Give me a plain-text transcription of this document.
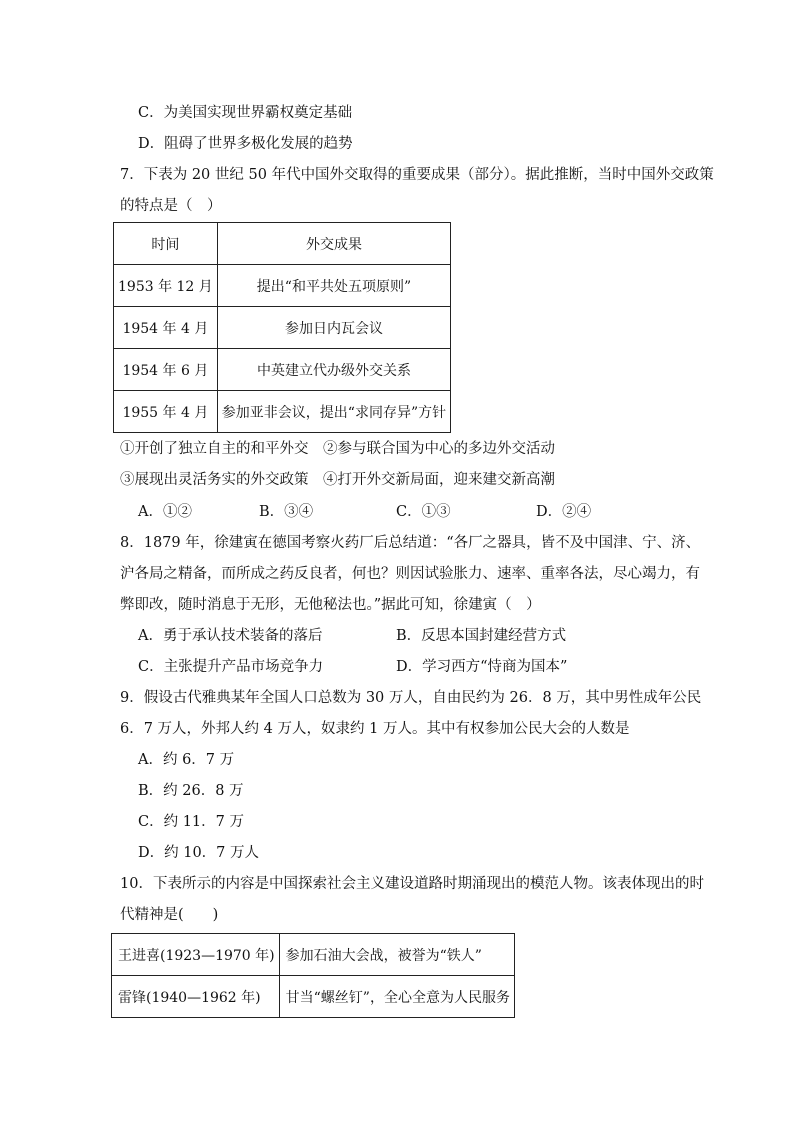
C．为美国实现世界霸权奠定基础
D．阻碍了世界多极化发展的趋势
7．下表为 20 世纪 50 年代中国外交取得的重要成果（部分）。据此推断，当时中国外交政策
的特点是（　）
时间	外交成果
1953 年 12 月	提出“和平共处五项原则”
1954 年 4 月	参加日内瓦会议
1954 年 6 月	中英建立代办级外交关系
1955 年 4 月	参加亚非会议，提出“求同存异”方针
①开创了独立自主的和平外交　②参与联合国为中心的多边外交活动
③展现出灵活务实的外交政策　④打开外交新局面，迎来建交新高潮
A．①②	B．③④	C．①③	D．②④
8．1879 年，徐建寅在德国考察火药厂后总结道：“各厂之器具，皆不及中国津、宁、济、
沪各局之精备，而所成之药反良者，何也？则因试验胀力、速率、重率各法，尽心竭力，有
弊即改，随时消息于无形，无他秘法也。”据此可知，徐建寅（　）
A．勇于承认技术装备的落后	B．反思本国封建经营方式
C．主张提升产品市场竞争力	D．学习西方“恃商为国本”
9．假设古代雅典某年全国人口总数为 30 万人，自由民约为 26．8 万，其中男性成年公民
6．7 万人，外邦人约 4 万人，奴隶约 1 万人。其中有权参加公民大会的人数是
A．约 6．7 万
B．约 26．8 万
C．约 11．7 万
D．约 10．7 万人
10．下表所示的内容是中国探索社会主义建设道路时期涌现出的模范人物。该表体现出的时
代精神是(　　)
王进喜(1923—1970 年)	参加石油大会战，被誉为“铁人”
雷锋(1940—1962 年)	甘当“螺丝钉”，全心全意为人民服务
